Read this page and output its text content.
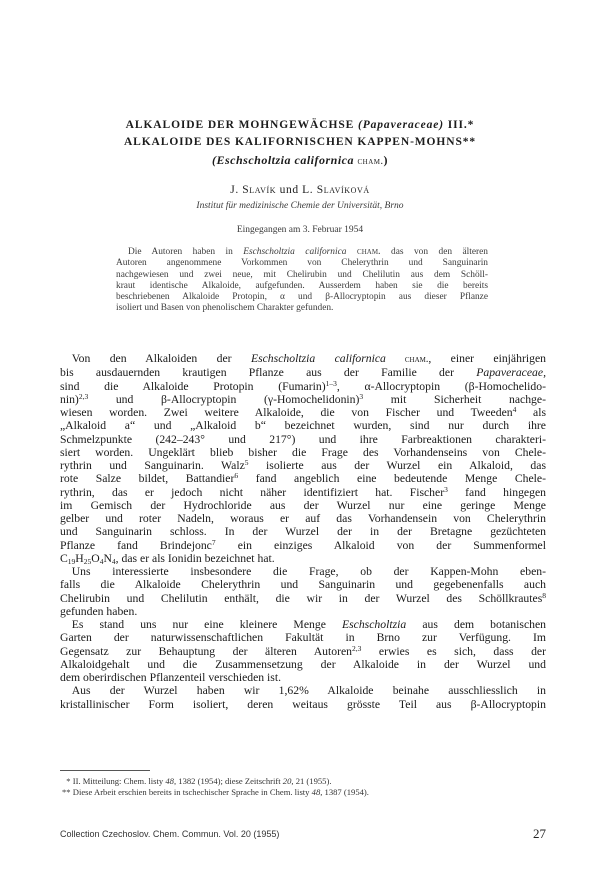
ALKALOIDE DER MOHNGEWÄCHSE (Papaveraceae) III.*
ALKALOIDE DES KALIFORNISCHEN KAPPEN-MOHNS**
(Eschscholtzia californica cham.)
J. Slavík und L. Slavíková
Institut für medizinische Chemie der Universität, Brno
Eingegangen am 3. Februar 1954
Die Autoren haben in Eschscholtzia californica cham. das von den älteren
Autoren angenommene Vorkommen von Chelerythrin und Sanguinarin
nachgewiesen und zwei neue, mit Chelirubin und Chelilutin aus dem Schöll-
kraut identische Alkaloide, aufgefunden. Ausserdem haben sie die bereits
beschriebenen Alkaloide Protopin, α und β-Allocryptopin aus dieser Pflanze
isoliert und Basen von phenolischem Charakter gefunden.
 Von den Alkaloiden der Eschscholtzia californica cham., einer einjährigen
bis ausdauernden krautigen Pflanze aus der Familie der Papaveraceae,
sind die Alkaloide Protopin (Fumarin)$^{1-3}$, α-Allocryptopin (β-Homochelido-
nin)$^{2,3}$ und β-Allocryptopin (γ-Homochelidonin)$^3$ mit Sicherheit nachge-
wiesen worden. Zwei weitere Alkaloide, die von Fischer und Tweeden$^4$ als
„Alkaloid a“ und „Alkaloid b“ bezeichnet wurden, sind nur durch ihre
Schmelzpunkte (242–243° und 217°) und ihre Farbreaktionen charakteri-
siert worden. Ungeklärt blieb bisher die Frage des Vorhandenseins von Chele-
rythrin und Sanguinarin. Walz$^5$ isolierte aus der Wurzel ein Alkaloid, das
rote Salze bildet, Battandier$^6$ fand angeblich eine bedeutende Menge Chele-
rythrin, das er jedoch nicht näher identifiziert hat. Fischer$^3$ fand hingegen
im Gemisch der Hydrochloride aus der Wurzel nur eine geringe Menge
gelber und roter Nadeln, woraus er auf das Vorhandensein von Chelerythrin
und Sanguinarin schloss. In der Wurzel der in der Bretagne gezüchteten
Pflanze fand Brindejonc$^7$ ein einziges Alkaloid von der Summenformel
$C_{19}H_{25}O_4N_4$, das er als Ionidin bezeichnet hat.
 Uns interessierte insbesondere die Frage, ob der Kappen-Mohn eben-
falls die Alkaloide Chelerythrin und Sanguinarin und gegebenenfalls auch
Chelirubin und Chelilutin enthält, die wir in der Wurzel des Schöllkrautes$^8$
gefunden haben.
 Es stand uns nur eine kleinere Menge Eschscholtzia aus dem botanischen
Garten der naturwissenschaftlichen Fakultät in Brno zur Verfügung. Im
Gegensatz zur Behauptung der älteren Autoren$^{2,3}$ erwies es sich, dass der
Alkaloidgehalt und die Zusammensetzung der Alkaloide in der Wurzel und
dem oberirdischen Pflanzenteil verschieden ist.
 Aus der Wurzel haben wir 1,62% Alkaloide beinahe ausschliesslich in
kristallinischer Form isoliert, deren weitaus grösste Teil aus β-Allocryptopin
 * II. Mitteilung: Chem. listy 48, 1382 (1954); diese Zeitschrift 20, 21 (1955).
** Diese Arbeit erschien bereits in tschechischer Sprache in Chem. listy 48, 1387 (1954).
Collection Czechoslov. Chem. Commun. Vol. 20 (1955)	27
